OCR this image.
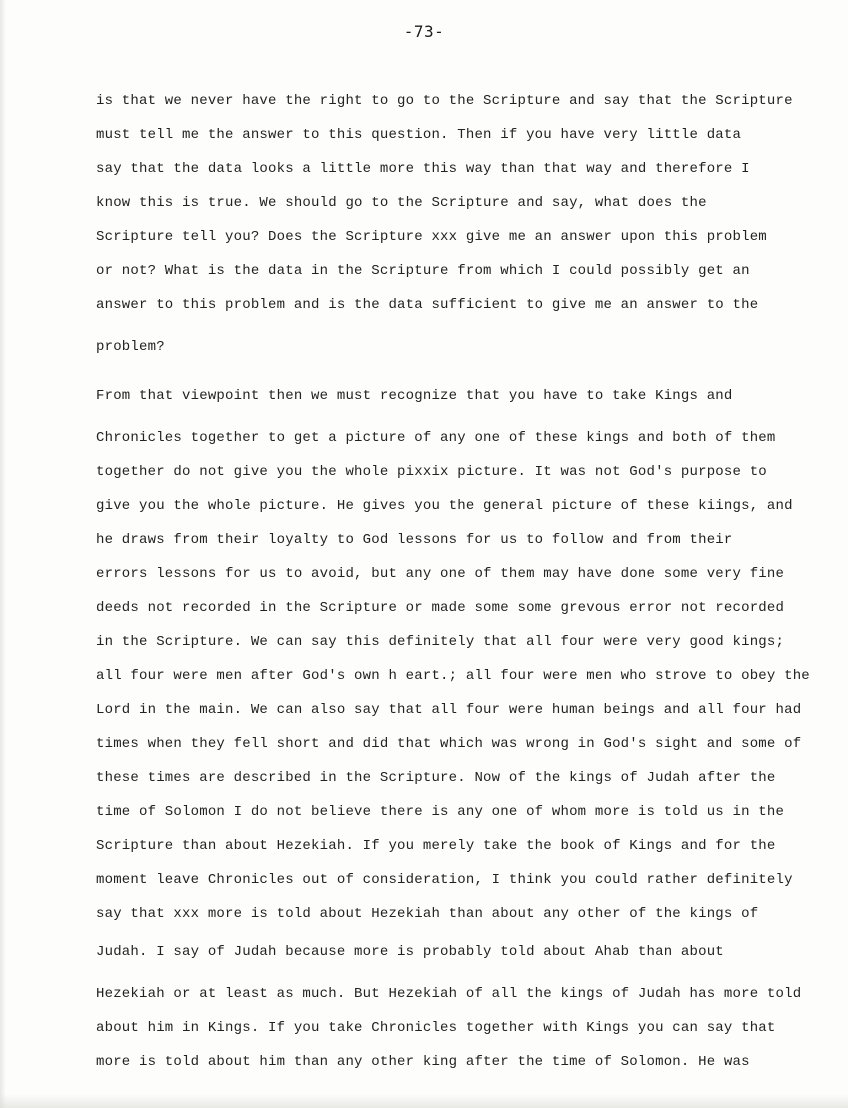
-73-
is that we never have the right to go to the Scripture and say that the Scripture
must tell me the answer to this question. Then if you have very little data
say that the data looks a little more this way than that way and therefore I
know this is true. We should go to the Scripture and say, what does the
Scripture tell you? Does the Scripture xxx give me an answer upon this problem
or not? What is the data in the Scripture from which I could possibly get an
answer to this problem and is the data sufficient to give me an answer to the
problem?
From that viewpoint then we must recognize that you have to take Kings and
Chronicles together to get a picture of any one of these kings and both of them
together do not give you the whole pixxix picture. It was not God's purpose to
give you the whole picture. He gives you the general picture of these kiings, and
he draws from their loyalty to God lessons for us to follow and from their
errors lessons for us to avoid, but any one of them may have done some very fine
deeds not recorded in the Scripture or made some some grevous error not recorded
in the Scripture. We can say this definitely that all four were very good kings;
all four were men after God's own h eart.; all four were men who strove to obey the
Lord in the main. We can also say that all four were human beings and all four had
times when they fell short and did that which was wrong in God's sight and some of
these times are described in the Scripture. Now of the kings of Judah after the
time of Solomon I do not believe there is any one of whom more is told us in the
Scripture than about Hezekiah. If you merely take the book of Kings and for the
moment leave Chronicles out of consideration, I think you could rather definitely
say that xxx more is told about Hezekiah than about any other of the kings of
Judah. I say of Judah because more is probably told about Ahab than about
Hezekiah or at least as much. But Hezekiah of all the kings of Judah has more told
about him in Kings. If you take Chronicles together with Kings you can say that
more is told about him than any other king after the time of Solomon. He was
